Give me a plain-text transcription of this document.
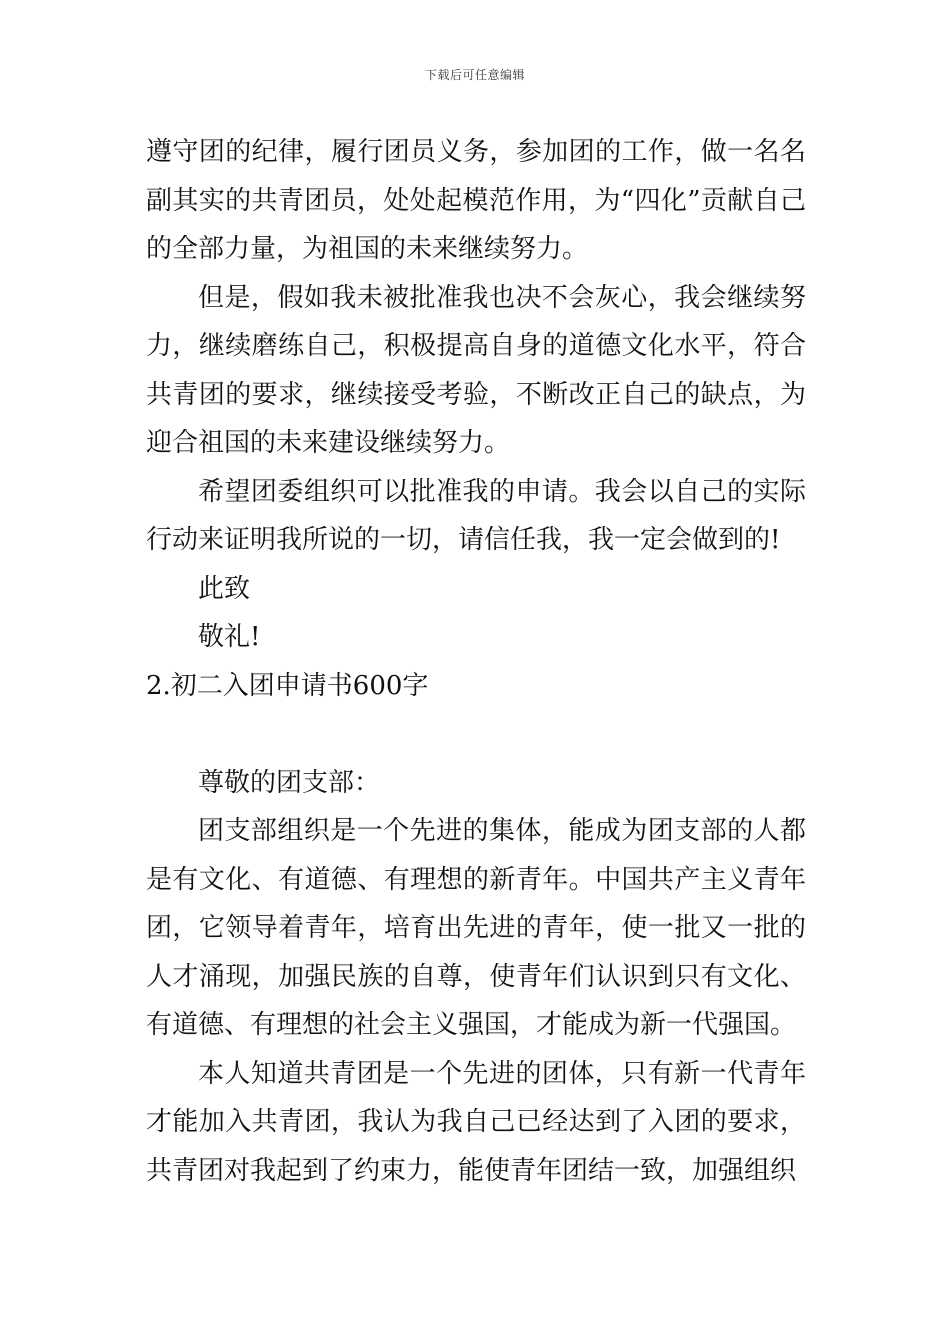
下载后可任意编辑

遵守团的纪律，履行团员义务，参加团的工作，做一名名副其实的共青团员，处处起模范作用，为“四化”贡献自己的全部力量，为祖国的未来继续努力。

但是，假如我未被批准我也决不会灰心，我会继续努力，继续磨练自己，积极提高自身的道德文化水平，符合共青团的要求，继续接受考验，不断改正自己的缺点，为迎合祖国的未来建设继续努力。

希望团委组织可以批准我的申请。我会以自己的实际行动来证明我所说的一切，请信任我，我一定会做到的!

此致

敬礼!

2.初二入团申请书600字

尊敬的团支部：

团支部组织是一个先进的集体，能成为团支部的人都是有文化、有道德、有理想的新青年。中国共产主义青年团，它领导着青年，培育出先进的青年，使一批又一批的人才涌现，加强民族的自尊，使青年们认识到只有文化、有道德、有理想的社会主义强国，才能成为新一代强国。

本人知道共青团是一个先进的团体，只有新一代青年才能加入共青团，我认为我自己已经达到了入团的要求，共青团对我起到了约束力，能使青年团结一致，加强组织
